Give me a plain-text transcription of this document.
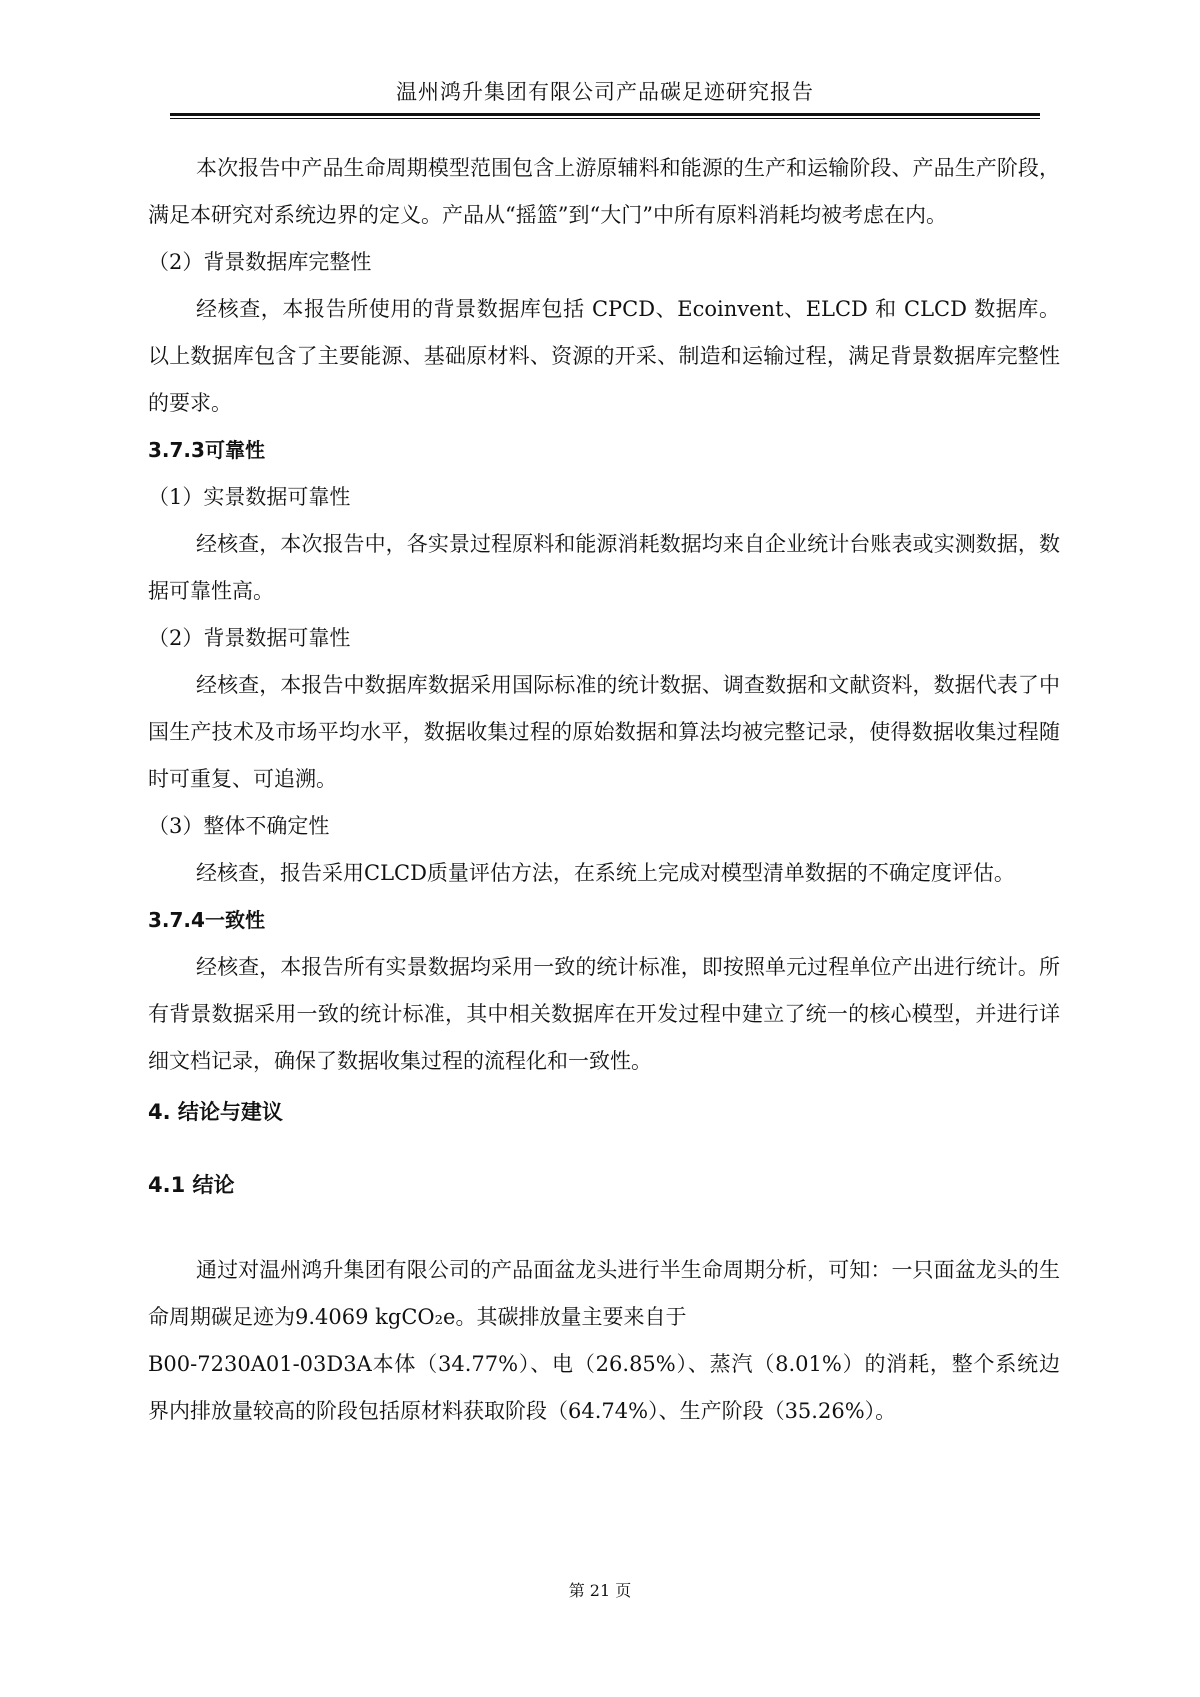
温州鸿升集团有限公司产品碳足迹研究报告

本次报告中产品生命周期模型范围包含上游原辅料和能源的生产和运输阶段、产品生产阶段，满足本研究对系统边界的定义。产品从“摇篮”到“大门”中所有原料消耗均被考虑在内。

（2）背景数据库完整性

经核查，本报告所使用的背景数据库包括 CPCD、Ecoinvent、ELCD 和 CLCD 数据库。以上数据库包含了主要能源、基础原材料、资源的开采、制造和运输过程，满足背景数据库完整性的要求。

3.7.3可靠性

（1）实景数据可靠性

经核查，本次报告中，各实景过程原料和能源消耗数据均来自企业统计台账表或实测数据，数据可靠性高。

（2）背景数据可靠性

经核查，本报告中数据库数据采用国际标准的统计数据、调查数据和文献资料，数据代表了中国生产技术及市场平均水平，数据收集过程的原始数据和算法均被完整记录，使得数据收集过程随时可重复、可追溯。

（3）整体不确定性

经核查，报告采用CLCD质量评估方法，在系统上完成对模型清单数据的不确定度评估。

3.7.4一致性

经核查，本报告所有实景数据均采用一致的统计标准，即按照单元过程单位产出进行统计。所有背景数据采用一致的统计标准，其中相关数据库在开发过程中建立了统一的核心模型，并进行详细文档记录，确保了数据收集过程的流程化和一致性。

4. 结论与建议

4.1 结论

通过对温州鸿升集团有限公司的产品面盆龙头进行半生命周期分析，可知：一只面盆龙头的生命周期碳足迹为9.4069 kgCO₂e。其碳排放量主要来自于

B00-7230A01-03D3A本体（34.77%）、电（26.85%）、蒸汽（8.01%）的消耗，整个系统边界内排放量较高的阶段包括原材料获取阶段（64.74%）、生产阶段（35.26%）。

第 21 页
